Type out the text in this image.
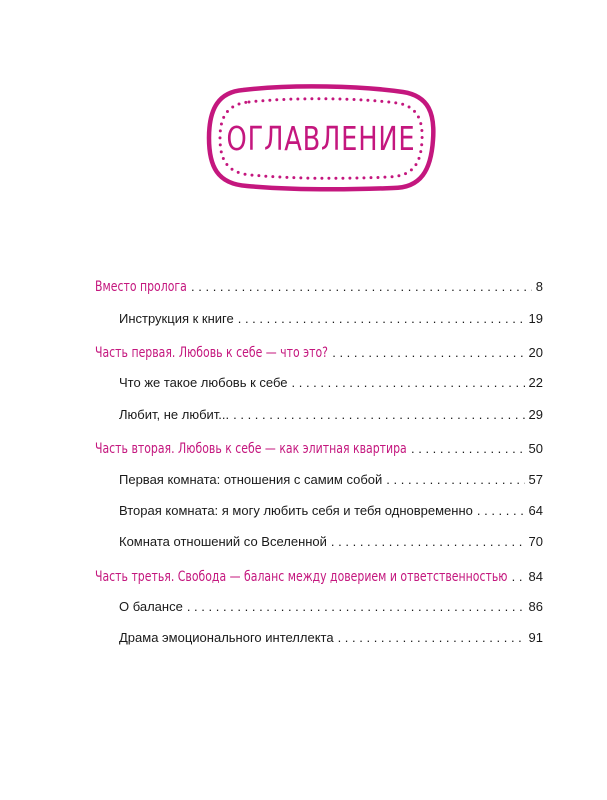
ОГЛАВЛЕНИЕ
Вместо пролога . . .	8
Инструкция к книге . . .	19
Часть первая. Любовь к себе — что это? . . .	20
Что же такое любовь к себе . . .	22
Любит, не любит... . . .	29
Часть вторая. Любовь к себе — как элитная квартира . . .	50
Первая комната: отношения с самим собой . . .	57
Вторая комната: я могу любить себя и тебя одновременно . . .	64
Комната отношений со Вселенной . . .	70
Часть третья. Свобода — баланс между доверием и ответственностью . . . 84
О балансе . . .	86
Драма эмоционального интеллекта . . .	91
